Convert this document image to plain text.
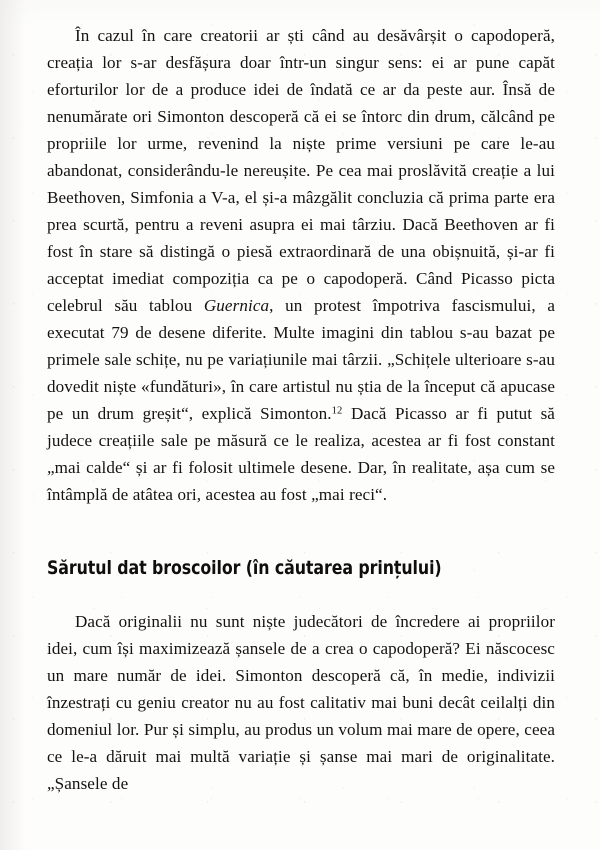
În cazul în care creatorii ar ști când au desăvârșit o capodoperă, creația lor s-ar desfășura doar într-un singur sens: ei ar pune capăt eforturilor lor de a produce idei de îndată ce ar da peste aur. Însă de nenumărate ori Simonton descoperă că ei se întorc din drum, călcând pe propriile lor urme, revenind la niște prime versiuni pe care le-au abandonat, considerându-le nereușite. Pe cea mai proslăvită creație a lui Beethoven, Simfonia a V-a, el și-a mâzgălit concluzia că prima parte era prea scurtă, pentru a reveni asupra ei mai târziu. Dacă Beethoven ar fi fost în stare să distingă o piesă extraordinară de una obișnuită, și-ar fi acceptat imediat compoziția ca pe o capodoperă. Când Picasso picta celebrul său tablou Guernica, un protest împotriva fascismului, a executat 79 de desene diferite. Multe imagini din tablou s-au bazat pe primele sale schițe, nu pe variațiunile mai târzii. „Schițele ulterioare s-au dovedit niște «fundături», în care artistul nu știa de la început că apucase pe un drum greșit“, explică Simonton.$^{12}$ Dacă Picasso ar fi putut să judece creațiile sale pe măsură ce le realiza, acestea ar fi fost constant „mai calde“ și ar fi folosit ultimele desene. Dar, în realitate, așa cum se întâmplă de atâtea ori, acestea au fost „mai reci“.

Sărutul dat broscoilor (în căutarea prințului)

Dacă originalii nu sunt niște judecători de încredere ai propriilor idei, cum își maximizează șansele de a crea o capodoperă? Ei născocesc un mare număr de idei. Simonton descoperă că, în medie, indivizii înzestrați cu geniu creator nu au fost calitativ mai buni decât ceilalți din domeniul lor. Pur și simplu, au produs un volum mai mare de opere, ceea ce le-a dăruit mai multă variație și șanse mai mari de originalitate. „Șansele de
